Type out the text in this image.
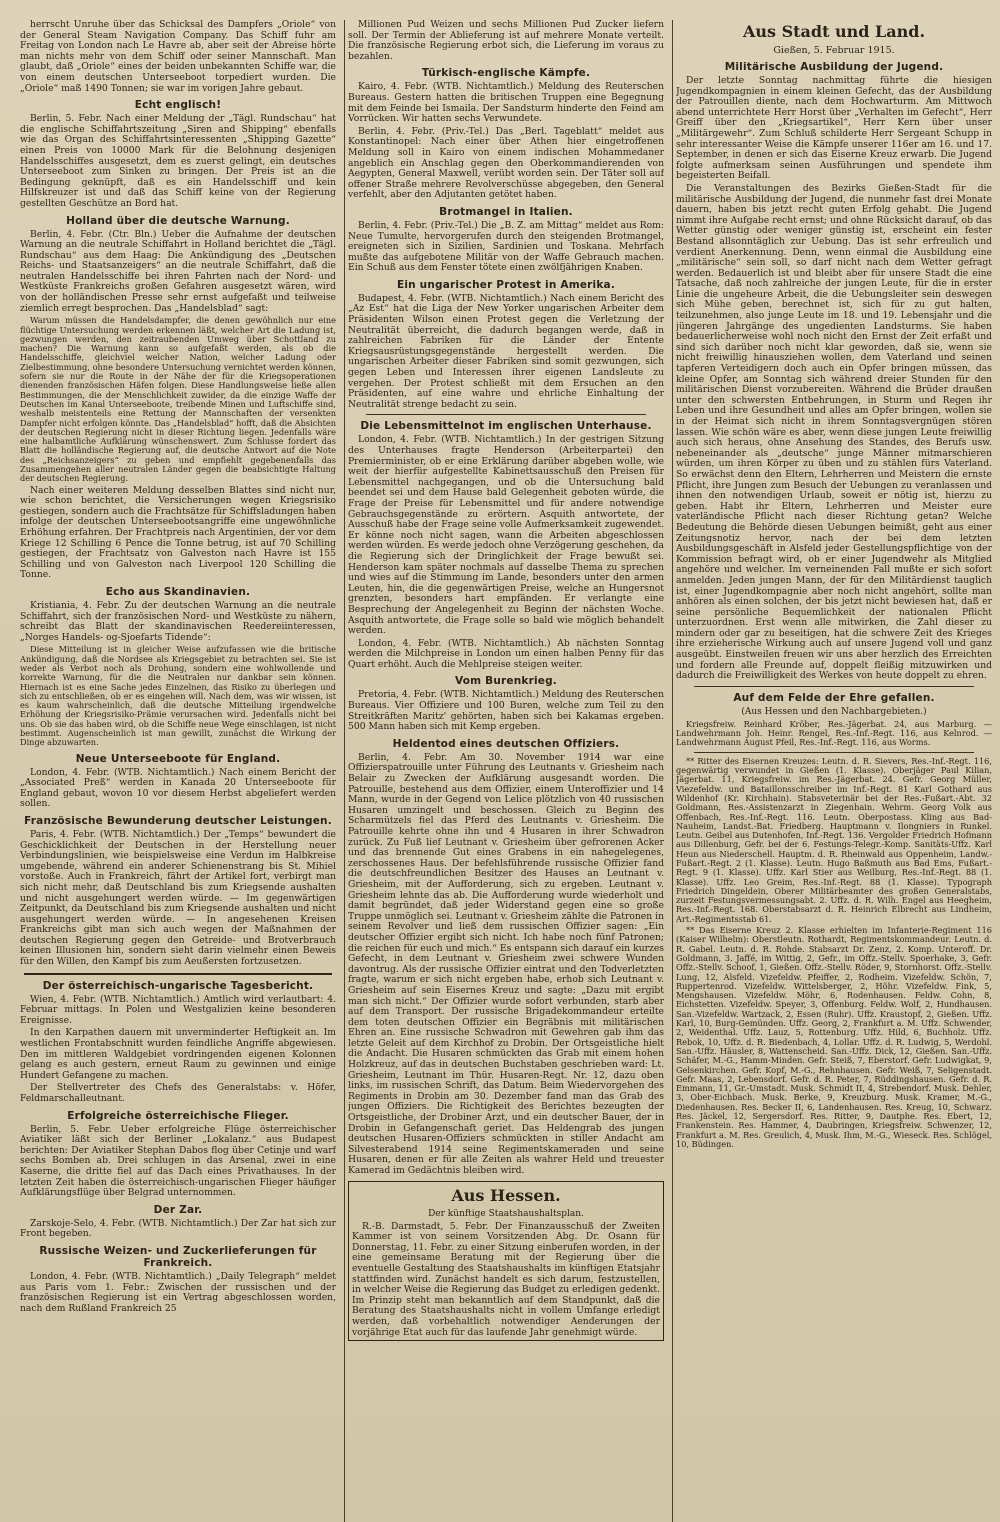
herrscht Unruhe über das Schicksal des Dampfers „Oriole“ von der General Steam Navigation Company. Das Schiff fuhr am Freitag von London nach Le Havre ab, aber seit der Abreise hörte man nichts mehr von dem Schiff oder seiner Mannschaft. Man glaubt, daß „Oriole“ eines der beiden unbekannten Schiffe war, die von einem deutschen Unterseeboot torpediert wurden. Die „Oriole“ maß 1490 Tonnen; sie war im vorigen Jahre gebaut.

Echt englisch!

Berlin, 5. Febr. Nach einer Meldung der „Tägl. Rundschau“ hat die englische Schiffahrtszeitung „Siren and Shipping“ ebenfalls wie das Organ des Schiffahrtsinteressenten „Shipping Gazette“ einen Preis von 10000 Mark für die Belohnung desjenigen Handelsschiffes ausgesetzt, dem es zuerst gelingt, ein deutsches Unterseeboot zum Sinken zu bringen. Der Preis ist an die Bedingung geknüpft, daß es ein Handelsschiff und kein Hilfskreuzer ist und daß das Schiff keine von der Regierung gestellten Geschütze an Bord hat.

Holland über die deutsche Warnung.

Berlin, 4. Febr. (Ctr. Bln.) Ueber die Aufnahme der deutschen Warnung an die neutrale Schiffahrt in Holland berichtet die „Tägl. Rundschau“ aus dem Haag: Die Ankündigung des „Deutschen Reichs- und Staatsanzeigers“ an die neutrale Schiffahrt, daß die neutralen Handelsschiffe bei ihren Fahrten nach der Nord- und Westküste Frankreichs großen Gefahren ausgesetzt wären, wird von der holländischen Presse sehr ernst aufgefaßt und teilweise ziemlich erregt besprochen. Das „Handelsblad“ sagt:

Warum müssen die Handelsdampfer, die denen gewöhnlich nur eine flüchtige Untersuchung werden erkennen läßt, welcher Art die Ladung ist, gezwungen werden, den zeitraubenden Umweg über Schottland zu machen? Die Warnung kann so aufgefaßt werden, als ob die Handelsschiffe, gleichviel welcher Nation, welcher Ladung oder Zielbestimmung, ohne besondere Untersuchung vernichtet werden können, sofern sie nur die Route in der Nähe der für die Kriegsoperationen dienenden französischen Häfen folgen. Diese Handlungsweise ließe allen Bestimmungen, die der Menschlichkeit zuwider, da die einzige Waffe der Deutschen im Kanal Unterseeboote, treibende Minen und Luftschiffe sind, weshalb meistenteils eine Rettung der Mannschaften der versenkten Dampfer nicht erfolgen könnte. Das „Handelsblad“ hofft, daß die Absichten der deutschen Regierung nicht in dieser Richtung liegen. Jedenfalls wäre eine halbamtliche Aufklärung wünschenswert. Zum Schlusse fordert das Blatt die holländische Regierung auf, die deutsche Antwort auf die Note des „Reichsanzeigers“ zu geben und empfiehlt gegebenenfalls das Zusammengehen aller neutralen Länder gegen die beabsichtigte Haltung der deutschen Regierung.

Nach einer weiteren Meldung desselben Blattes sind nicht nur, wie schon berichtet, die Versicherungen wegen Kriegsrisiko gestiegen, sondern auch die Frachtsätze für Schiffsladungen haben infolge der deutschen Unterseebootsangriffe eine ungewöhnliche Erhöhung erfahren. Der Frachtpreis nach Argentinien, der vor dem Kriege 12 Schilling 6 Pence die Tonne betrug, ist auf 70 Schilling gestiegen, der Frachtsatz von Galveston nach Havre ist 155 Schilling und von Galveston nach Liverpool 120 Schilling die Tonne.

Echo aus Skandinavien.

Kristiania, 4. Febr. Zu der deutschen Warnung an die neutrale Schiffahrt, sich der französischen Nord- und Westküste zu nähern, schreibt das Blatt der skandinavischen Reedereiinteressen, „Norges Handels- og-Sjoefarts Tidende“:

Diese Mitteilung ist in gleicher Weise aufzufassen wie die britische Ankündigung, daß die Nordsee als Kriegsgebiet zu betrachten sei. Sie ist weder als Verbot noch als Drohung, sondern eine wohlwollende und korrekte Warnung, für die die Neutralen nur dankbar sein können. Hiernach ist es eine Sache jedes Einzelnen, das Risiko zu überlegen und sich zu entschließen, ob er es eingehen will. Nach dem, was wir wissen, ist es kaum wahrscheinlich, daß die deutsche Mitteilung irgendwelche Erhöhung der Kriegsrisiko-Prämie verursachen wird. Jedenfalls nicht bei uns. Ob sie das haben wird, ob die Schiffe neue Wege einschlagen, ist nicht bestimmt. Augenscheinlich ist man gewillt, zunächst die Wirkung der Dinge abzuwarten.

Neue Unterseeboote für England.

London, 4. Febr. (WTB. Nichtamtlich.) Nach einem Bericht der „Associated Preß“ werden in Kanada 20 Unterseeboote für England gebaut, wovon 10 vor diesem Herbst abgeliefert werden sollen.

Französische Bewunderung deutscher Leistungen.

Paris, 4. Febr. (WTB. Nichtamtlich.) Der „Temps“ bewundert die Geschicklichkeit der Deutschen in der Herstellung neuer Verbindungslinien, wie beispielsweise eine Verdun im Halbkreise umgebende, während ein anderer Schienenstrang bis St. Mihiel vorstoße. Auch in Frankreich, fährt der Artikel fort, verbirgt man sich nicht mehr, daß Deutschland bis zum Kriegsende aushalten und nicht ausgehungert werden würde. — Im gegenwärtigen Zeitpunkt, da Deutschland bis zum Kriegsende aushalten und nicht ausgehungert werden würde. — In angesehenen Kreisen Frankreichs gibt man sich auch wegen der Maßnahmen der deutschen Regierung gegen den Getreide- und Brotverbrauch keinen Illusionen hin, sondern sieht darin vielmehr einen Beweis für den Willen, den Kampf bis zum Aeußersten fortzusetzen.

Der österreichisch-ungarische Tagesbericht.

Wien, 4. Febr. (WTB. Nichtamtlich.) Amtlich wird verlautbart: 4. Februar mittags. In Polen und Westgalizien keine besonderen Ereignisse.

In den Karpathen dauern mit unverminderter Heftigkeit an. Im westlichen Frontabschnitt wurden feindliche Angriffe abgewiesen. Den im mittleren Waldgebiet vordringenden eigenen Kolonnen gelang es auch gestern, erneut Raum zu gewinnen und einige Hundert Gefangene zu machen.

Der Stellvertreter des Chefs des Generalstabs: v. Höfer, Feldmarschalleutnant.

Erfolgreiche österreichische Flieger.

Berlin, 5. Febr. Ueber erfolgreiche Flüge österreichischer Aviatiker läßt sich der Berliner „Lokalanz.“ aus Budapest berichten: Der Aviatiker Stephan Dabos flog über Cetinje und warf sechs Bomben ab. Drei schlugen in das Arsenal, zwei in eine Kaserne, die dritte fiel auf das Dach eines Privathauses. In der letzten Zeit haben die österreichisch-ungarischen Flieger häufiger Aufklärungsflüge über Belgrad unternommen.

Der Zar.

Zarskoje-Selo, 4. Febr. (WTB. Nichtamtlich.) Der Zar hat sich zur Front begeben.

Russische Weizen- und Zuckerlieferungen für Frankreich.

London, 4. Febr. (WTB. Nichtamtlich.) „Daily Telegraph“ meldet aus Paris vom 1. Febr.: Zwischen der russischen und der französischen Regierung ist ein Vertrag abgeschlossen worden, nach dem Rußland Frankreich 25

Millionen Pud Weizen und sechs Millionen Pud Zucker liefern soll. Der Termin der Ablieferung ist auf mehrere Monate verteilt. Die französische Regierung erbot sich, die Lieferung im voraus zu bezahlen.

Türkisch-englische Kämpfe.

Kairo, 4. Febr. (WTB. Nichtamtlich.) Meldung des Reuterschen Bureaus. Gestern hatten die britischen Truppen eine Begegnung mit dem Feinde bei Ismaila. Der Sandsturm hinderte den Feind am Vorrücken. Wir hatten sechs Verwundete.

Berlin, 4. Febr. (Priv.-Tel.) Das „Berl. Tageblatt“ meldet aus Konstantinopel: Nach einer über Athen hier eingetroffenen Meldung soll in Kairo von einem indischen Mohammedaner angeblich ein Anschlag gegen den Oberkommandierenden von Aegypten, General Maxwell, verübt worden sein. Der Täter soll auf offener Straße mehrere Revolverschüsse abgegeben, den General verfehlt, aber den Adjutanten getötet haben.

Brotmangel in Italien.

Berlin, 4. Febr. (Priv.-Tel.) Die „B. Z. am Mittag“ meldet aus Rom: Neue Tumulte, hervorgerufen durch den steigenden Brotmangel, ereigneten sich in Sizilien, Sardinien und Toskana. Mehrfach mußte das aufgebotene Militär von der Waffe Gebrauch machen. Ein Schuß aus dem Fenster tötete einen zwölfjährigen Knaben.

Ein ungarischer Protest in Amerika.

Budapest, 4. Febr. (WTB. Nichtamtlich.) Nach einem Bericht des „Az Est“ hat die Liga der New Yorker ungarischen Arbeiter dem Präsidenten Wilson einen Protest gegen die Verletzung der Neutralität überreicht, die dadurch begangen werde, daß in zahlreichen Fabriken für die Länder der Entente Kriegsausrüstungsgegenstände hergestellt werden. Die ungarischen Arbeiter dieser Fabriken sind somit gezwungen, sich gegen Leben und Interessen ihrer eigenen Landsleute zu vergehen. Der Protest schließt mit dem Ersuchen an den Präsidenten, auf eine wahre und ehrliche Einhaltung der Neutralität strenge bedacht zu sein.

Die Lebensmittelnot im englischen Unterhause.

London, 4. Febr. (WTB. Nichtamtlich.) In der gestrigen Sitzung des Unterhauses fragte Henderson (Arbeiterpartei) den Premierminister, ob er eine Erklärung darüber abgeben wolle, wie weit der hierfür aufgestellte Kabinettsausschuß den Preisen für Lebensmittel nachgegangen, und ob die Untersuchung bald beendet sei und dem Hause bald Gelegenheit geboten würde, die Frage der Preise für Lebensmittel und für andere notwendige Gebrauchsgegenstände zu erörtern. Asquith antwortete, der Ausschuß habe der Frage seine volle Aufmerksamkeit zugewendet. Er könne noch nicht sagen, wann die Arbeiten abgeschlossen werden würden. Es werde jedoch ohne Verzögerung geschehen, da die Regierung sich der Dringlichkeit der Frage bewußt sei. Henderson kam später nochmals auf dasselbe Thema zu sprechen und wies auf die Stimmung im Lande, besonders unter den armen Leuten, hin, die die gegenwärtigen Preise, welche an Hungersnot grenzten, besonders hart empfänden. Er verlangte eine Besprechung der Angelegenheit zu Beginn der nächsten Woche. Asquith antwortete, die Frage solle so bald wie möglich behandelt werden.

London, 4. Febr. (WTB. Nichtamtlich.) Ab nächsten Sonntag werden die Milchpreise in London um einen halben Penny für das Quart erhöht. Auch die Mehlpreise steigen weiter.

Vom Burenkrieg.

Pretoria, 4. Febr. (WTB. Nichtamtlich.) Meldung des Reuterschen Bureaus. Vier Offiziere und 100 Buren, welche zum Teil zu den Streitkräften Maritz' gehörten, haben sich bei Kakamas ergeben. 500 Mann haben sich mit Kemp ergeben.

Heldentod eines deutschen Offiziers.

Berlin, 4. Febr. Am 30. November 1914 war eine Offizierspatrouille unter Führung des Leutnants v. Griesheim nach Belair zu Zwecken der Aufklärung ausgesandt worden. Die Patrouille, bestehend aus dem Offizier, einem Unteroffizier und 14 Mann, wurde in der Gegend von Lelice plötzlich von 40 russischen Husaren umzingelt und beschossen. Gleich zu Beginn des Scharmützels fiel das Pferd des Leutnants v. Griesheim. Die Patrouille kehrte ohne ihn und 4 Husaren in ihrer Schwadron zurück. Zu Fuß lief Leutnant v. Griesheim über gefrorenen Acker und das brennende Gut eines Grabens in ein nahegelegenes, zerschossenes Haus. Der befehlsführende russische Offizier fand die deutschfreundlichen Besitzer des Hauses an Leutnant v. Griesheim, mit der Aufforderung, sich zu ergeben. Leutnant v. Griesheim lehnte das ab. Die Aufforderung wurde wiederholt und damit begründet, daß jeder Widerstand gegen eine so große Truppe unmöglich sei. Leutnant v. Griesheim zählte die Patronen in seinem Revolver und ließ dem russischen Offizier sagen: „Ein deutscher Offizier ergibt sich nicht. Ich habe noch fünf Patronen; die reichen für euch und mich.“ Es entspann sich darauf ein kurzes Gefecht, in dem Leutnant v. Griesheim zwei schwere Wunden davontrug. Als der russische Offizier eintrat und den Todverletzten fragte, warum er sich nicht ergeben habe, erhob sich Leutnant v. Griesheim auf sein Eisernes Kreuz und sagte: „Dazu mit ergibt man sich nicht.“ Der Offizier wurde sofort verbunden, starb aber auf dem Transport. Der russische Brigadekommandeur erteilte dem toten deutschen Offizier ein Begräbnis mit militärischen Ehren an. Eine russische Schwadron mit Gewehren gab ihm das letzte Geleit auf dem Kirchhof zu Drobin. Der Ortsgeistliche hielt die Andacht. Die Husaren schmückten das Grab mit einem hohen Holzkreuz, auf das in deutschen Buchstaben geschrieben ward: Lt. Griesheim, Leutnant im Thür. Husaren-Regt. Nr. 12, dazu oben links, im russischen Schrift, das Datum. Beim Wiedervorgehen des Regiments in Drobin am 30. Dezember fand man das Grab des jungen Offiziers. Die Richtigkeit des Berichtes bezeugten der Ortsgeistliche, der Drobiner Arzt, und ein deutscher Bauer, der in Drobin in Gefangenschaft geriet. Das Heldengrab des jungen deutschen Husaren-Offiziers schmückten in stiller Andacht am Silvesterabend 1914 seine Regimentskameraden und seine Husaren, denen er für alle Zeiten als wahrer Held und treuester Kamerad im Gedächtnis bleiben wird.

Aus Hessen.
Der künftige Staatshaushaltsplan.

R.-B. Darmstadt, 5. Febr. Der Finanzausschuß der Zweiten Kammer ist von seinem Vorsitzenden Abg. Dr. Osann für Donnerstag, 11. Febr. zu einer Sitzung einberufen worden, in der eine gemeinsame Beratung mit der Regierung über die eventuelle Gestaltung des Staatshaushalts im künftigen Etatsjahr stattfinden wird. Zunächst handelt es sich darum, festzustellen, in welcher Weise die Regierung das Budget zu erledigen gedenkt. Im Prinzip steht man bekanntlich auf dem Standpunkt, daß die Beratung des Staatshaushalts nicht in vollem Umfange erledigt werden, daß vorbehaltlich notwendiger Aenderungen der vorjährige Etat auch für das laufende Jahr genehmigt würde.

Aus Stadt und Land.
Gießen, 5. Februar 1915.
Militärische Ausbildung der Jugend.

Der letzte Sonntag nachmittag führte die hiesigen Jugendkompagnien in einem kleinen Gefecht, das der Ausbildung der Patrouillen diente, nach dem Hochwarturm. Am Mittwoch abend unterrichtete Herr Horst über „Verhalten im Gefecht“, Herr Greiff über den „Kriegsartikel“, Herr Kern über unser „Militärgewehr“. Zum Schluß schilderte Herr Sergeant Schupp in sehr interessanter Weise die Kämpfe unserer 116er am 16. und 17. September, in denen er sich das Eiserne Kreuz erwarb. Die Jugend folgte aufmerksam seinen Ausführungen und spendete ihm begeisterten Beifall.

Die Veranstaltungen des Bezirks Gießen-Stadt für die militärische Ausbildung der Jugend, die nunmehr fast drei Monate dauern, haben bis jetzt recht guten Erfolg gehabt. Die Jugend nimmt ihre Aufgabe recht ernst; und ohne Rücksicht darauf, ob das Wetter günstig oder weniger günstig ist, erscheint ein fester Bestand allsonntäglich zur Uebung. Das ist sehr erfreulich und verdient Anerkennung. Denn, wenn einmal die Ausbildung eine „militärische“ sein soll, so darf nicht nach dem Wetter gefragt werden. Bedauerlich ist und bleibt aber für unsere Stadt die eine Tatsache, daß noch zahlreiche der jungen Leute, für die in erster Linie die ungeheure Arbeit, die die Uebungsleiter sein deswegen sich Mühe geben, berechnet ist, sich für zu gut halten, teilzunehmen, also junge Leute im 18. und 19. Lebensjahr und die jüngeren Jahrgänge des ungedienten Landsturms. Sie haben bedauerlicherweise wohl noch nicht den Ernst der Zeit erfaßt und sind sich darüber noch nicht klar geworden, daß sie, wenn sie nicht freiwillig hinausziehen wollen, dem Vaterland und seinen tapferen Verteidigern doch auch ein Opfer bringen müssen, das kleine Opfer, am Sonntag sich während dreier Stunden für den militärischen Dienst vorzubereiten. Während die Brüder draußen unter den schwersten Entbehrungen, in Sturm und Regen ihr Leben und ihre Gesundheit und alles am Opfer bringen, wollen sie in der Heimat sich nicht in ihrem Sonntagsvergnügen stören lassen. Wie schön wäre es aber, wenn diese jungen Leute freiwillig auch sich heraus, ohne Ansehung des Standes, des Berufs usw. nebeneinander als „deutsche“ junge Männer mitmarschieren würden, um ihren Körper zu üben und zu stählen fürs Vaterland. So erwächst denn den Eltern, Lehrherren und Meistern die ernste Pflicht, ihre Jungen zum Besuch der Uebungen zu veranlassen und ihnen den notwendigen Urlaub, soweit er nötig ist, hierzu zu geben. Habt ihr Eltern, Lehrherren und Meister eure vaterländische Pflicht nach dieser Richtung getan? Welche Bedeutung die Behörde diesen Uebungen beimißt, geht aus einer Zeitungsnotiz hervor, nach der bei dem letzten Ausbildungsgeschäft in Alsfeld jeder Gestellungspflichtige von der Kommission befragt wird, ob er einer Jugendwehr als Mitglied angehöre und welcher. Im verneinenden Fall mußte er sich sofort anmelden. Jeden jungen Mann, der für den Militärdienst tauglich ist, einer Jugendkompagnie aber noch nicht angehört, sollte man anhören als einen solchen, der bis jetzt nicht bewiesen hat, daß er seine persönliche Bequemlichkeit der nationalen Pflicht unterzuordnen. Erst wenn alle mitwirken, die Zahl dieser zu mindern oder gar zu beseitigen, hat die schwere Zeit des Krieges ihre erzieherische Wirkung auch auf unsere Jugend voll und ganz ausgeübt. Einstweilen freuen wir uns aber herzlich des Erreichten und fordern alle Freunde auf, doppelt fleißig mitzuwirken und dadurch die Freiwilligkeit des Werkes von heute doppelt zu ehren.

Auf dem Felde der Ehre gefallen.
(Aus Hessen und den Nachbargebieten.)

Kriegsfreiw. Reinhard Kröber, Res.-Jägerbat. 24, aus Marburg. — Landwehrmann Joh. Heinr. Rengel, Res.-Inf.-Regt. 116, aus Kelnrod. — Landwehrmann August Pfeil, Res.-Inf.-Regt. 116, aus Worms.

** Ritter des Eisernen Kreuzes: Leutn. d. R. Sievers, Res.-Inf.-Regt. 116, gegenwärtig verwundet in Gießen (1. Klasse). Oberjäger Paul Kilian, Jägerbat. 11, Kriegsfreiw. im Res.-Jägerbat. 24. Gefr. Georg Müller, Viezefeldw. und Bataillonsschreiber im Inf.-Regt. 81 Karl Gothard aus Wildenhof (Kr. Kirchhain). Stabsveterinär bei der Res.-Fußart.-Abt. 32 Goldmann, Res.-Assistenzarzt in Ziegenhain. Wehrm. Georg Volk aus Offenbach, Res.-Inf.-Regt. 116. Leutn. Oberpostass. Kling aus Bad-Nauheim, Landst.-Bat. Friedberg. Hauptmann v. Ilongniers in Runkel. Leutn. Geibel aus Dutenhofen, Inf.-Regt. 136. Vergolder Friedrich Hofmann aus Dillenburg, Gefr. bei der 6. Festungs-Telegr.-Komp. Sanitäts-Uffz. Karl Heun aus Niederschell. Hauptm. d. R. Rheinwald aus Oppenheim, Landw.-Fußart.-Regt. 2 (1. Klasse). Leutn. Hugo Baßmuth aus Bad Ems, Fußart.-Regt. 9 (1. Klasse). Uffz. Karl Stier aus Weilburg, Res.-Inf.-Regt. 88 (1. Klasse). Uffz. Leo Greim, Res.-Inf.-Regt. 88 (1. Klasse). Typograph Friedrich Dingeldein, Oberer Militärbeamter des großen Generalstabs, zurzeit Festungsvermessungsabt. 2. Uffz. d. R. Wilh. Engel aus Heegheim, Res.-Inf.-Regt. 168. Oberstabsarzt d. R. Heinrich Elbrecht aus Lindheim, Art.-Regimentsstab 61.

** Das Eiserne Kreuz 2. Klasse erhielten im Infanterie-Regiment 116 (Kaiser Wilhelm): Oberstleutn. Rothardt, Regimentskommandeur. Leutn. d. R. Gabel. Leutn. d. R. Rohde. Stabsarzt Dr. Zenz, 2. Komp. Unteroff. Dr. Goldmann, 3. Jaffé, im Wittig, 2, Gefr., im Offz.-Stellv. Spoerhake, 3, Gefr. Offz.-Stellv. Schoof, 1, Gießen. Offz.-Stellv. Röder, 9, Stornhorst. Offz.-Stellv. Lung, 12, Alsfeld. Vizefeldw. Pfeiffer, 2, Rodheim. Vizefeldw. Schön, 7, Ruppertenrod. Vizefeldw. Wittelsberger, 2, Höhr. Vizefeldw. Fink, 5, Mengshausen. Vizefeldw. Möhr, 6, Rodenhausen. Feldw. Cohn, 8, Eichstetten. Vizefeldw. Speyer, 3, Offenburg. Feldw. Wolf, 2, Hundhausen. San.-Vizefeldw. Wartzack, 2, Essen (Ruhr). Uffz. Kraustopf, 2, Gießen. Uffz. Karl, 10, Burg-Gemünden. Uffz. Georg, 2, Frankfurt a. M. Uffz. Schwender, 2, Weidenthal. Uffz. Lauz, 5, Rottenburg. Uffz. Hild, 6, Buchholz. Uffz. Rebok, 10, Uffz. d. R. Biedenbach, 4, Lollar. Uffz. d. R. Ludwig, 5, Werdohl. San.-Uffz. Häusler, 8, Wattenscheid. San.-Uffz. Dick, 12, Gießen. San.-Uffz. Schäfer, M.-G., Hamm-Minden. Gefr. Steiß, 7, Eberstorf. Gefr. Ludwigkat, 9, Gelsenkirchen. Gefr. Kopf, M.-G., Rehnhausen. Gefr. Weiß, 7, Seligenstadt. Gefr. Maas, 2, Lebensdorf. Gefr. d. R. Peter, 7, Rüddingshausen. Gefr. d. R. Emmann, 11, Gr.-Umstadt. Musk. Schmidt II, 4, Strebendorf. Musk. Dehler, 3, Ober-Eichbach. Musk. Berke, 9, Kreuzburg. Musk. Kramer, M.-G., Diedenhausen. Res. Becker II, 6, Landenhausen. Res. Kreug, 10, Schwarz. Res. Jäckel, 12, Sergersdorf. Res. Ritter, 9, Dautphe. Res. Ebert, 12, Frankenstein. Res. Hammer, 4, Daubringen, Kriegsfreiw. Schwenzer, 12, Frankfurt a. M. Res. Greulich, 4, Musk. Ihm, M.-G., Wieseck. Res. Schlögel, 10, Büdingen.
